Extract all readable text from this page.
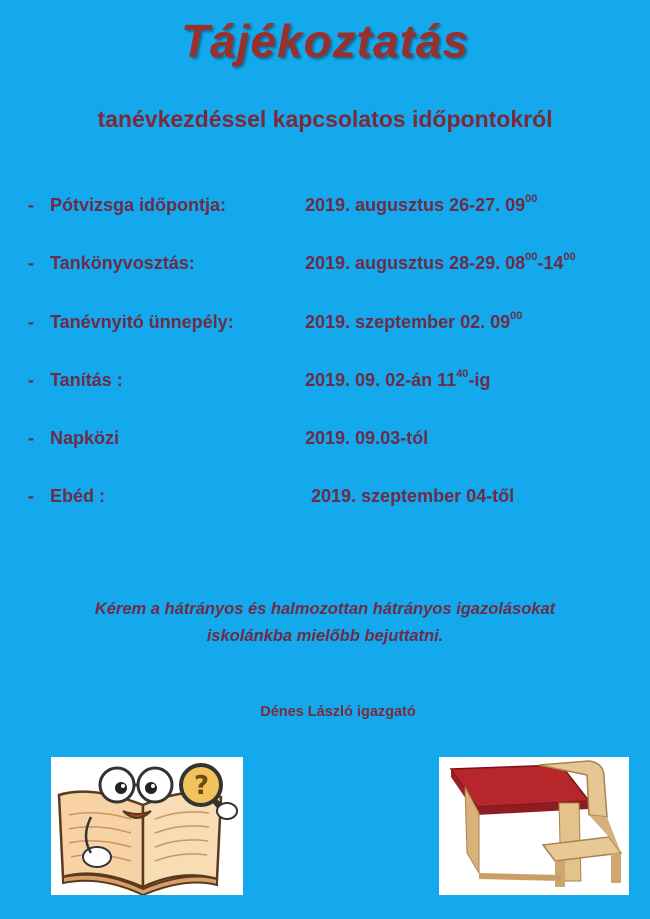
Tájékoztatás
tanévkezdéssel kapcsolatos időpontokról
- Pótvizsga időpontja:	2019. augusztus 26-27. $09^{00}$
- Tankönyvosztás:	2019. augusztus 28-29. $08^{00}-14^{00}$
- Tanévnyitó ünnepély:	2019. szeptember 02. $09^{00}$
- Tanítás :	2019. 09. 02-án $11^{40}-ig$
- Napközi	2019. 09.03-tól
- Ebéd :	2019. szeptember 04-től
Kérem a hátrányos és halmozottan hátrányos igazolásokat
iskolánkba mielőbb bejuttatni.
Dénes László igazgató
?
